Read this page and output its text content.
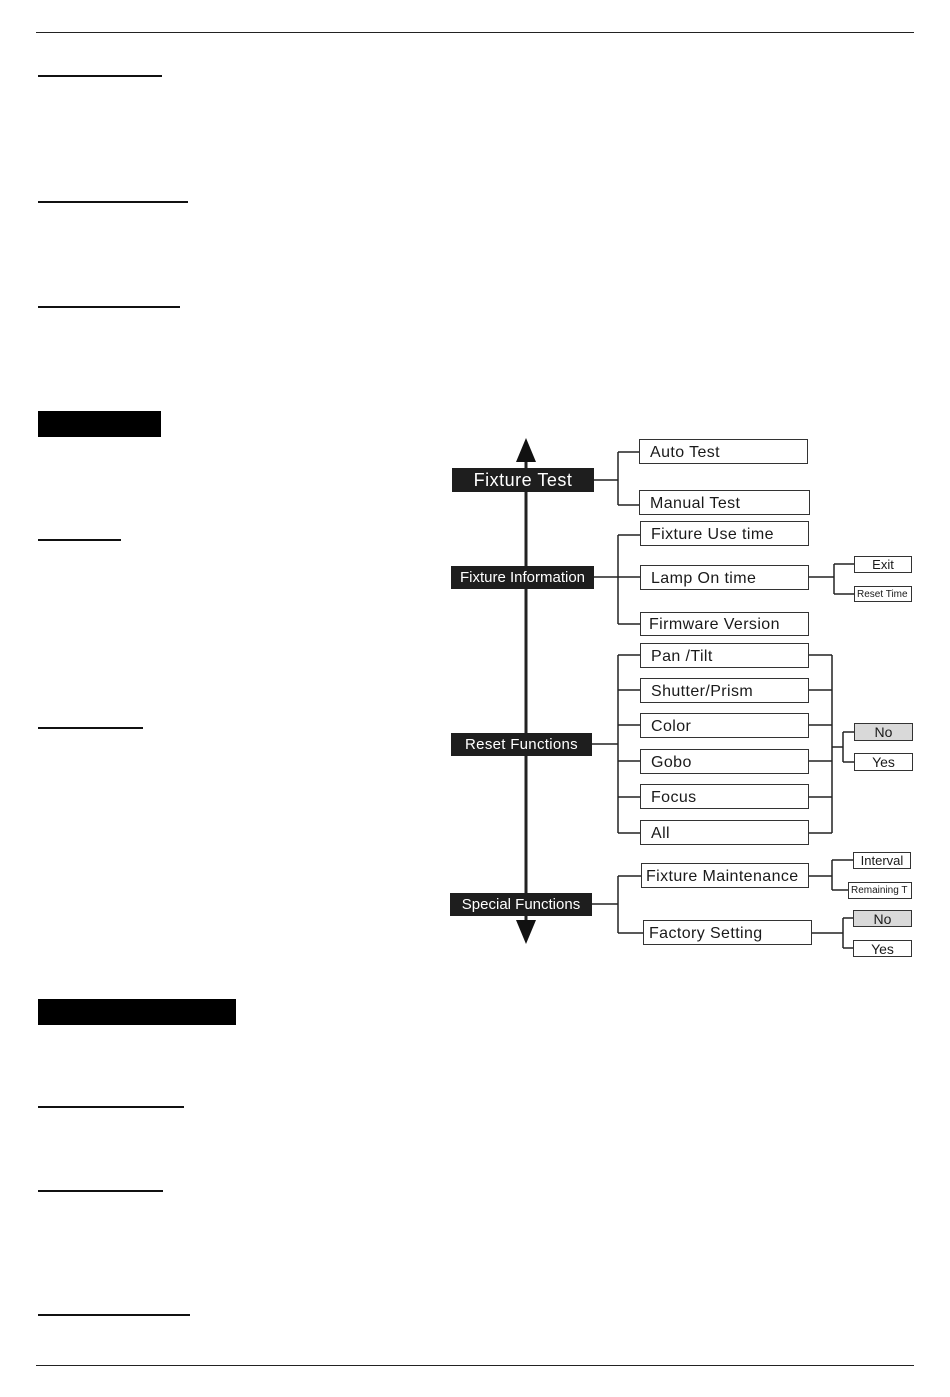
Fixture Test
Fixture Information
Reset Functions
Special Functions
Auto Test
Manual Test
Fixture Use time
Lamp On time
Firmware Version
Exit
Reset Time
Pan /Tilt
Shutter/Prism
Color
Gobo
Focus
All
No
Yes
Fixture Maintenance
Factory Setting
Interval
Remaining T
No
Yes
